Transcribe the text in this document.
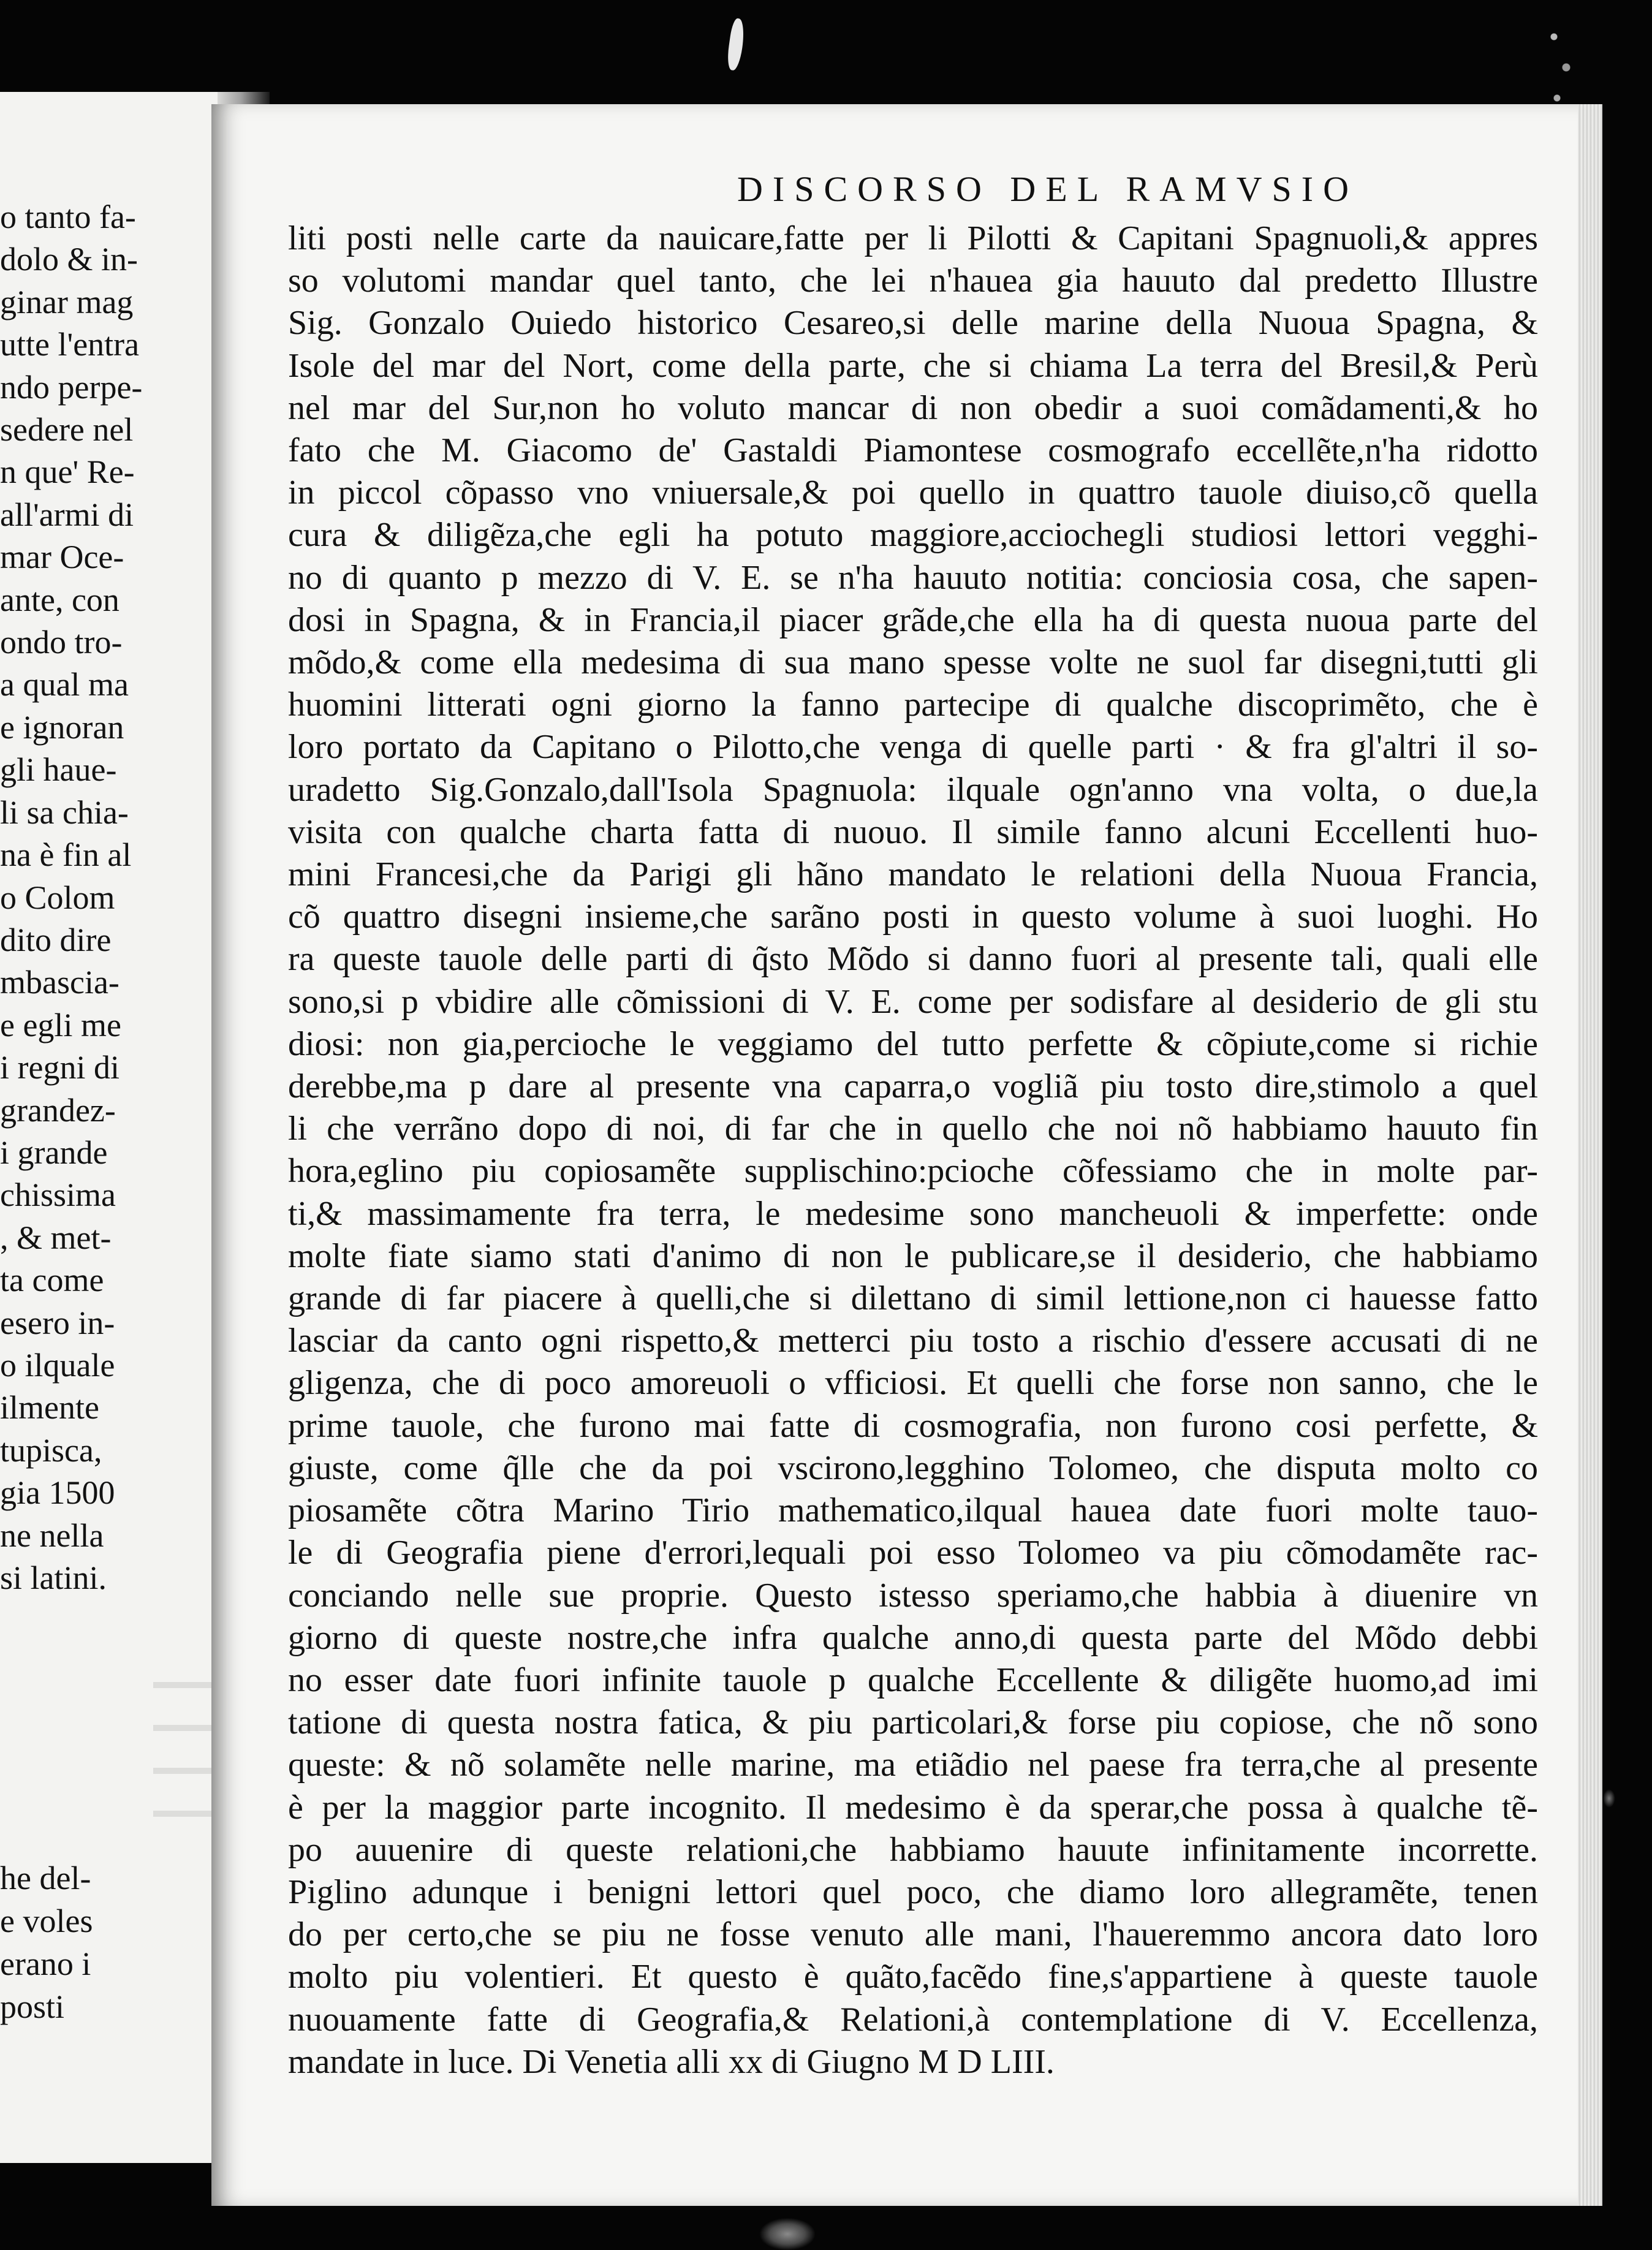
o tanto fa-
dolo & in-
ginar mag
utte l'entra
ndo perpe-
sedere nel
n que' Re-
all'armi di
mar Oce-
ante, con
ondo tro-
a qual ma
e ignoran
gli haue-
li sa chia-
na è fin al
o Colom
dito dire
mbascia-
e egli me
i regni di
grandez-
i grande
chissima
, & met-
ta come
esero in-
o ilquale
ilmente
tupisca,
gia 1500
ne nella
si latini.
he del-
e voles
erano i
posti
DISCORSO DEL RAMVSIO
liti posti nelle carte da nauicare,fatte per li Pilotti & Capitani Spagnuoli,& appres
so volutomi mandar quel tanto, che lei n'hauea gia hauuto dal predetto Illustre
Sig. Gonzalo Ouiedo historico Cesareo,si delle marine della Nuoua Spagna, &
Isole del mar del Nort, come della parte, che si chiama La terra del Bresil,& Perù
nel mar del Sur,non ho voluto mancar di non obedir a suoi comãdamenti,& ho
fato che M. Giacomo de' Gastaldi Piamontese cosmografo eccellẽte,n'ha ridotto
in piccol cõpasso vno vniuersale,& poi quello in quattro tauole diuiso,cõ quella
cura & diligẽza,che egli ha potuto maggiore,acciochegli studiosi lettori vegghi-
no di quanto p mezzo di V. E. se n'ha hauuto notitia: conciosia cosa, che sapen-
dosi in Spagna, & in Francia,il piacer grãde,che ella ha di questa nuoua parte del
mõdo,& come ella medesima di sua mano spesse volte ne suol far disegni,tutti gli
huomini litterati ogni giorno la fanno partecipe di qualche discoprimẽto, che è
loro portato da Capitano o Pilotto,che venga di quelle parti · & fra gl'altri il so-
uradetto Sig.Gonzalo,dall'Isola Spagnuola: ilquale ogn'anno vna volta, o due,la
visita con qualche charta fatta di nuouo. Il simile fanno alcuni Eccellenti huo-
mini Francesi,che da Parigi gli hãno mandato le relationi della Nuoua Francia,
cõ quattro disegni insieme,che sarãno posti in questo volume à suoi luoghi. Ho
ra queste tauole delle parti di q̃sto Mõdo si danno fuori al presente tali, quali elle
sono,si p vbidire alle cõmissioni di V. E. come per sodisfare al desiderio de gli stu
diosi: non gia,percioche le veggiamo del tutto perfette & cõpiute,come si richie
derebbe,ma p dare al presente vna caparra,o vogliã piu tosto dire,stimolo a quel
li che verrãno dopo di noi, di far che in quello che noi nõ habbiamo hauuto fin
hora,eglino piu copiosamẽte supplischino:pcioche cõfessiamo che in molte par-
ti,& massimamente fra terra, le medesime sono mancheuoli & imperfette: onde
molte fiate siamo stati d'animo di non le publicare,se il desiderio, che habbiamo
grande di far piacere à quelli,che si dilettano di simil lettione,non ci hauesse fatto
lasciar da canto ogni rispetto,& metterci piu tosto a rischio d'essere accusati di ne
gligenza, che di poco amoreuoli o vfficiosi. Et quelli che forse non sanno, che le
prime tauole, che furono mai fatte di cosmografia, non furono cosi perfette, &
giuste, come q̃lle che da poi vscirono,legghino Tolomeo, che disputa molto co
piosamẽte cõtra Marino Tirio mathematico,ilqual hauea date fuori molte tauo-
le di Geografia piene d'errori,lequali poi esso Tolomeo va piu cõmodamẽte rac-
conciando nelle sue proprie. Questo istesso speriamo,che habbia à diuenire vn
giorno di queste nostre,che infra qualche anno,di questa parte del Mõdo debbi
no esser date fuori infinite tauole p qualche Eccellente & diligẽte huomo,ad imi
tatione di questa nostra fatica, & piu particolari,& forse piu copiose, che nõ sono
queste: & nõ solamẽte nelle marine, ma etiãdio nel paese fra terra,che al presente
è per la maggior parte incognito. Il medesimo è da sperar,che possa à qualche tẽ-
po auuenire di queste relationi,che habbiamo hauute infinitamente incorrette.
Piglino adunque i benigni lettori quel poco, che diamo loro allegramẽte, tenen
do per certo,che se piu ne fosse venuto alle mani, l'haueremmo ancora dato loro
molto piu volentieri. Et questo è quãto,facẽdo fine,s'appartiene à queste tauole
nuouamente fatte di Geografia,& Relationi,à contemplatione di V. Eccellenza,
mandate in luce. Di Venetia alli xx di Giugno M D LIII.
